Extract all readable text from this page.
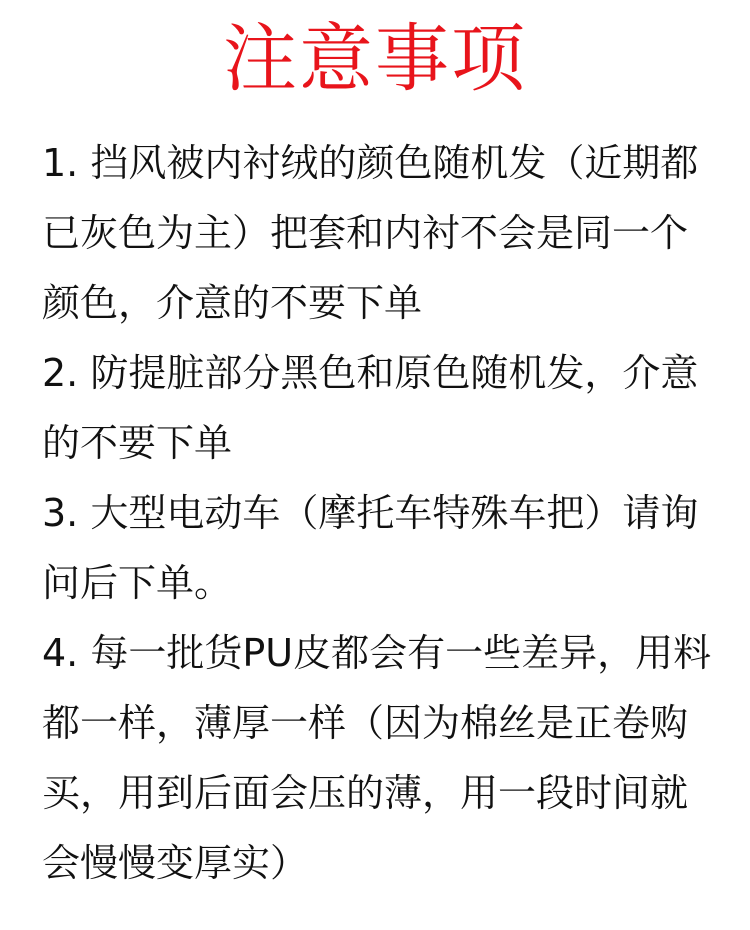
注意事项

1. 挡风被内衬绒的颜色随机发（近期都已灰色为主）把套和内衬不会是同一个颜色，介意的不要下单

2. 防提脏部分黑色和原色随机发，介意的不要下单

3. 大型电动车（摩托车特殊车把）请询问后下单。

4. 每一批货PU皮都会有一些差异，用料都一样，薄厚一样（因为棉丝是正卷购买，用到后面会压的薄，用一段时间就会慢慢变厚实）
